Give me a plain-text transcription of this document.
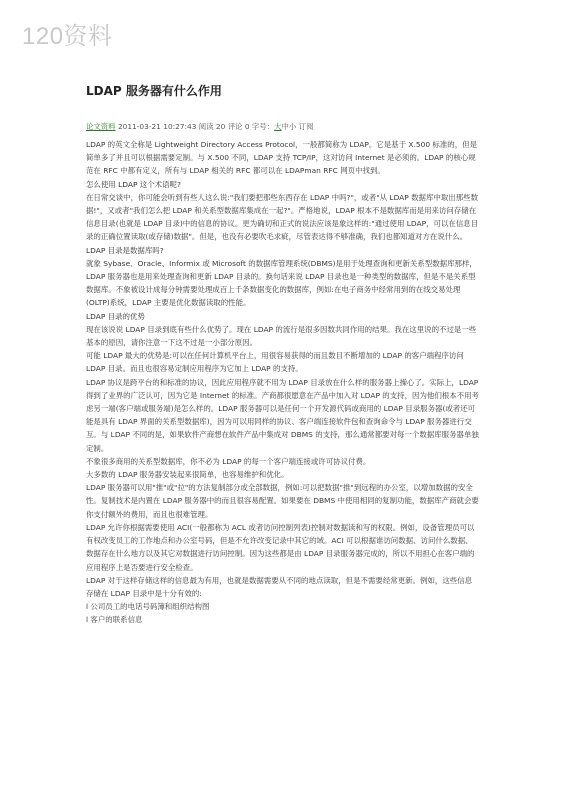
120资料
LDAP 服务器有什么作用
论文资料 2011-03-21 10:27:43 阅读 20 评论 0 字号：大中小 订阅

LDAP 的英文全称是 Lightweight Directory Access Protocol，一般都简称为 LDAP。它是基于 X.500 标准的，但是简单多了并且可以根据需要定制。与 X.500 不同，LDAP 支持 TCP/IP，这对访问 Internet 是必须的。LDAP 的核心规范在 RFC 中都有定义，所有与 LDAP 相关的 RFC 都可以在 LDAPman RFC 网页中找到。

怎么使用 LDAP 这个术语呢?

在日常交谈中，你可能会听到有些人这么说:"我们要把那些东西存在 LDAP 中吗?"，或者"从 LDAP 数据库中取出那些数据!"，又或者"我们怎么把 LDAP 和关系型数据库集成在一起?"。严格地说，LDAP 根本不是数据库而是用来访问存储在信息目录(也就是 LDAP 目录)中的信息的协议。更为确切和正式的说法应该是象这样的:"通过使用 LDAP，可以在信息目录的正确位置读取(或存储)数据"。但是，也没有必要吹毛求疵，尽管表达得不够准确，我们也都知道对方在说什么。

LDAP 目录是数据库吗?

就象 Sybase、Oracle、Informix 或 Microsoft 的数据库管理系统(DBMS)是用于处理查询和更新关系型数据库那样，LDAP 服务器也是用来处理查询和更新 LDAP 目录的。换句话来说 LDAP 目录也是一种类型的数据库，但是不是关系型数据库。不象被设计成每分钟需要处理成百上千条数据变化的数据库，例如:在电子商务中经常用到的在线交易处理(OLTP)系统，LDAP 主要是优化数据读取的性能。

LDAP 目录的优势

现在该说说 LDAP 目录到底有些什么优势了。现在 LDAP 的流行是很多因数共同作用的结果。我在这里说的不过是一些基本的原因，请你注意一下这不过是一小部分原因。

可能 LDAP 最大的优势是:可以在任何计算机平台上，用很容易获得的而且数目不断增加的 LDAP 的客户端程序访问 LDAP 目录。而且也很容易定制应用程序为它加上 LDAP 的支持。

LDAP 协议是跨平台的和标准的协议，因此应用程序就不用为 LDAP 目录放在什么样的服务器上操心了。实际上，LDAP 得到了业界的广泛认可，因为它是 Internet 的标准。产商都很愿意在产品中加入对 LDAP 的支持，因为他们根本不用考虑另一端(客户端或服务端)是怎么样的。LDAP 服务器可以是任何一个开发源代码或商用的 LDAP 目录服务器(或者还可能是具有 LDAP 界面的关系型数据库)，因为可以用同样的协议、客户端连接软件包和查询命令与 LDAP 服务器进行交互。与 LDAP 不同的是，如果软件产商想在软件产品中集成对 DBMS 的支持，那么通常都要对每一个数据库服务器单独定制。

不象很多商用的关系型数据库，你不必为 LDAP 的每一个客户端连接或许可协议付费。

大多数的 LDAP 服务器安装起来很简单，也容易维护和优化。

LDAP 服务器可以用"推"或"拉"的方法复制部分或全部数据，例如:可以把数据"推"到远程的办公室，以增加数据的安全性。复制技术是内置在 LDAP 服务器中的而且很容易配置。如果要在 DBMS 中使用相同的复制功能，数据库产商就会要你支付额外的费用，而且也很难管理。

LDAP 允许你根据需要使用 ACI(一般都称为 ACL 或者访问控制列表)控制对数据读和写的权限。例如，设备管理员可以有权改变员工的工作地点和办公室号码，但是不允许改变记录中其它的域。ACI 可以根据谁访问数据、访问什么数据、数据存在什么地方以及其它对数据进行访问控制。因为这些都是由 LDAP 目录服务器完成的，所以不用担心在客户端的应用程序上是否要进行安全检查。

LDAP 对于这样存储这样的信息最为有用，也就是数据需要从不同的地点读取，但是不需要经常更新。例如，这些信息存储在 LDAP 目录中是十分有效的:

l 公司员工的电话号码簿和组织结构图

l 客户的联系信息
